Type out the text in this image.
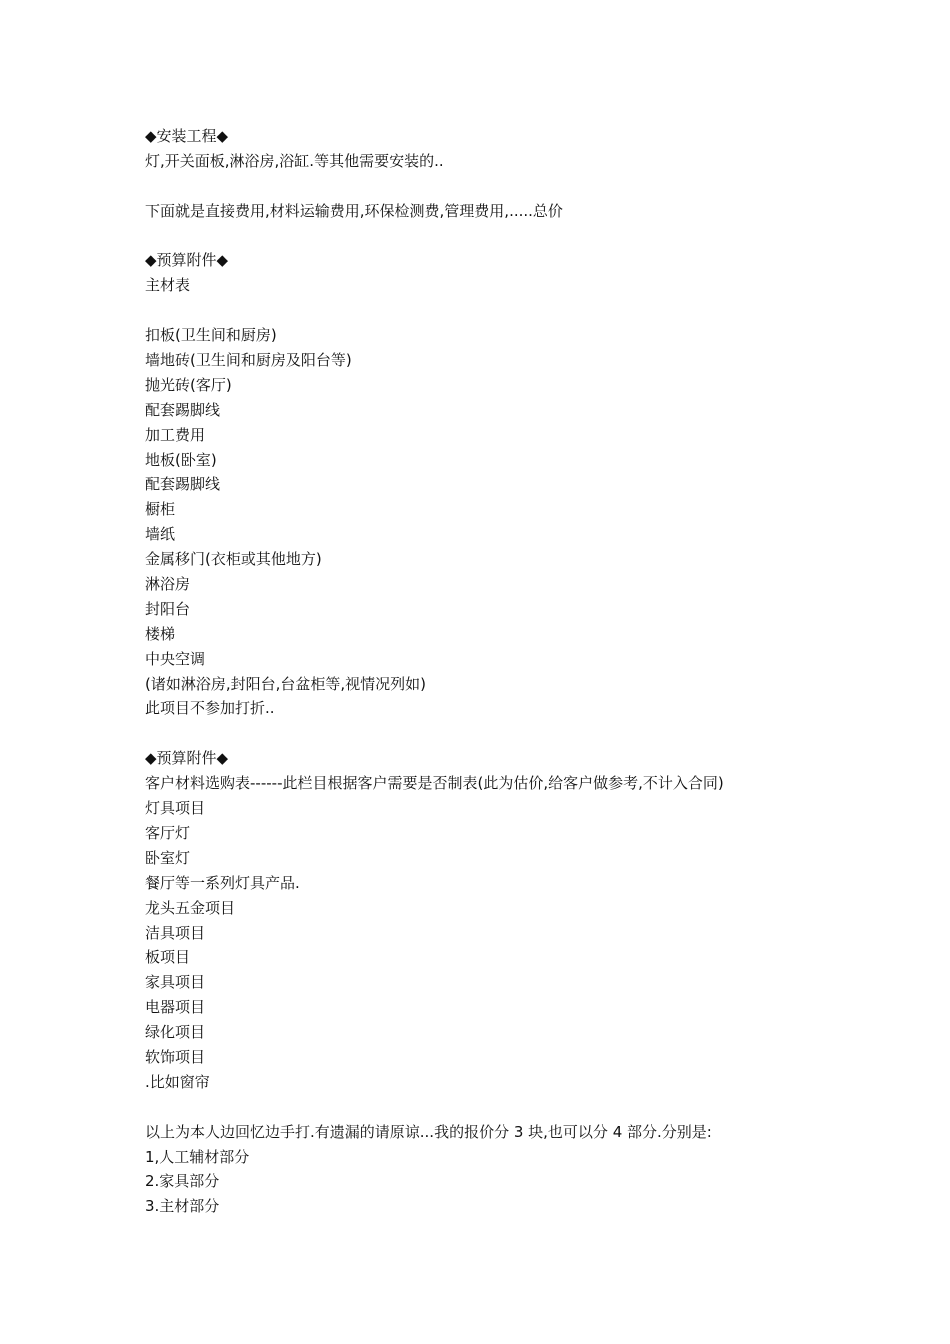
◆安装工程◆
灯,开关面板,淋浴房,浴缸.等其他需要安装的..
下面就是直接费用,材料运输费用,环保检测费,管理费用,.....总价
◆预算附件◆
主材表
扣板(卫生间和厨房)
墙地砖(卫生间和厨房及阳台等)
抛光砖(客厅)
配套踢脚线
加工费用
地板(卧室)
配套踢脚线
橱柜
墙纸
金属移门(衣柜或其他地方)
淋浴房
封阳台
楼梯
中央空调
(诸如淋浴房,封阳台,台盆柜等,视情况列如)
此项目不参加打折..
◆预算附件◆
客户材料选购表------此栏目根据客户需要是否制表(此为估价,给客户做参考,不计入合同)
灯具项目
客厅灯
卧室灯
餐厅等一系列灯具产品.
龙头五金项目
洁具项目
板项目
家具项目
电器项目
绿化项目
软饰项目
.比如窗帘
以上为本人边回忆边手打.有遗漏的请原谅...我的报价分 3 块,也可以分 4 部分.分别是:
1,人工辅材部分
2.家具部分
3.主材部分
